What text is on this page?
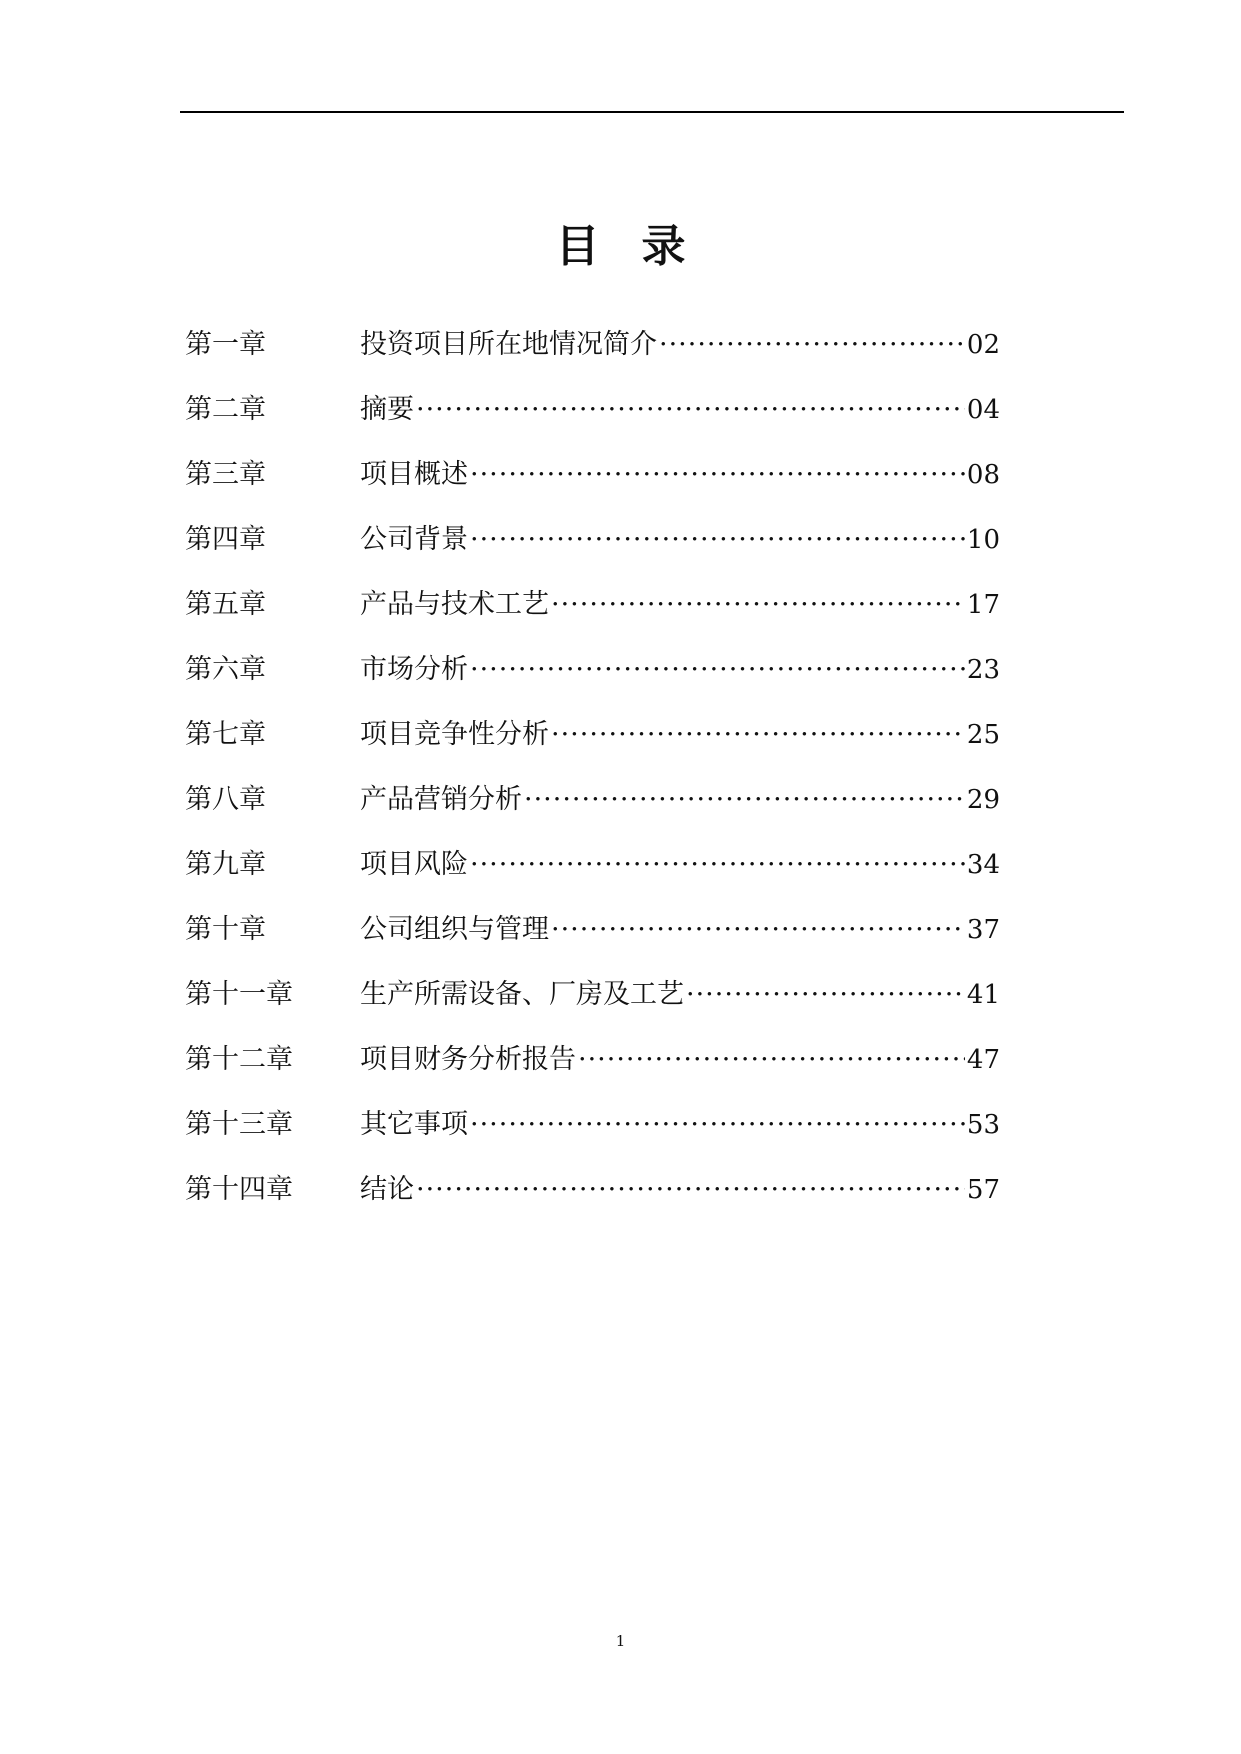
目录
第一章	投资项目所在地情况简介 ·····	02
第二章	摘要 ·····	04
第三章	项目概述 ·····	08
第四章	公司背景 ·····	10
第五章	产品与技术工艺 ·····	17
第六章	市场分析 ·····	23
第七章	项目竞争性分析 ·····	25
第八章	产品营销分析 ·····	29
第九章	项目风险 ·····	34
第十章	公司组织与管理 ·····	37
第十一章	生产所需设备、厂房及工艺 ·····	41
第十二章	项目财务分析报告 ·····	47
第十三章	其它事项 ·····	53
第十四章	结论 ·····	57
1
